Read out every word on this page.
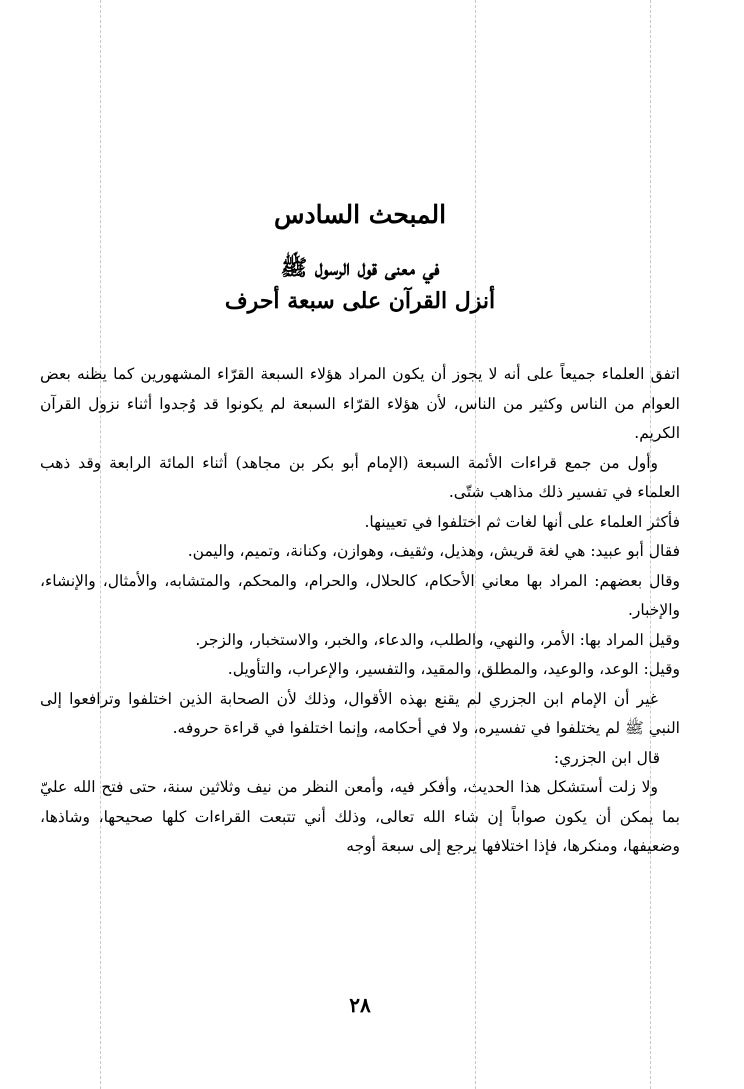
المبحث السادس
في معنى قول الرسول ﷺ
أنزل القرآن على سبعة أحرف

اتفق العلماء جميعاً على أنه لا يجوز أن يكون المراد هؤلاء السبعة القرّاء المشهورين كما يظنه بعض العوام من الناس وكثير من الناس، لأن هؤلاء القرّاء السبعة لم يكونوا قد وُجدوا أثناء نزول القرآن الكريم.

وأول من جمع قراءات الأئمة السبعة (الإمام أبو بكر بن مجاهد) أثناء المائة الرابعة وقد ذهب العلماء في تفسير ذلك مذاهب شتّى.

فأكثر العلماء على أنها لغات ثم اختلفوا في تعيينها.

فقال أبو عبيد: هي لغة قريش، وهذيل، وثقيف، وهوازن، وكنانة، وتميم، واليمن.

وقال بعضهم: المراد بها معاني الأحكام، كالحلال، والحرام، والمحكم، والمتشابه، والأمثال، والإنشاء، والإخبار.

وقيل المراد بها: الأمر، والنهي، والطلب، والدعاء، والخبر، والاستخبار، والزجر.

وقيل: الوعد، والوعيد، والمطلق، والمقيد، والتفسير، والإعراب، والتأويل.

غير أن الإمام ابن الجزري لم يقنع بهذه الأقوال، وذلك لأن الصحابة الذين اختلفوا وترافعوا إلى النبي ﷺ لم يختلفوا في تفسيره، ولا في أحكامه، وإنما اختلفوا في قراءة حروفه.

قال ابن الجزري:

ولا زلت أستشكل هذا الحديث، وأفكر فيه، وأمعن النظر من نيف وثلاثين سنة، حتى فتح الله عليّ بما يمكن أن يكون صواباً إن شاء الله تعالى، وذلك أني تتبعت القراءات كلها صحيحها، وشاذها، وضعيفها، ومنكرها، فإذا اختلافها يرجع إلى سبعة أوجه

٢٨
